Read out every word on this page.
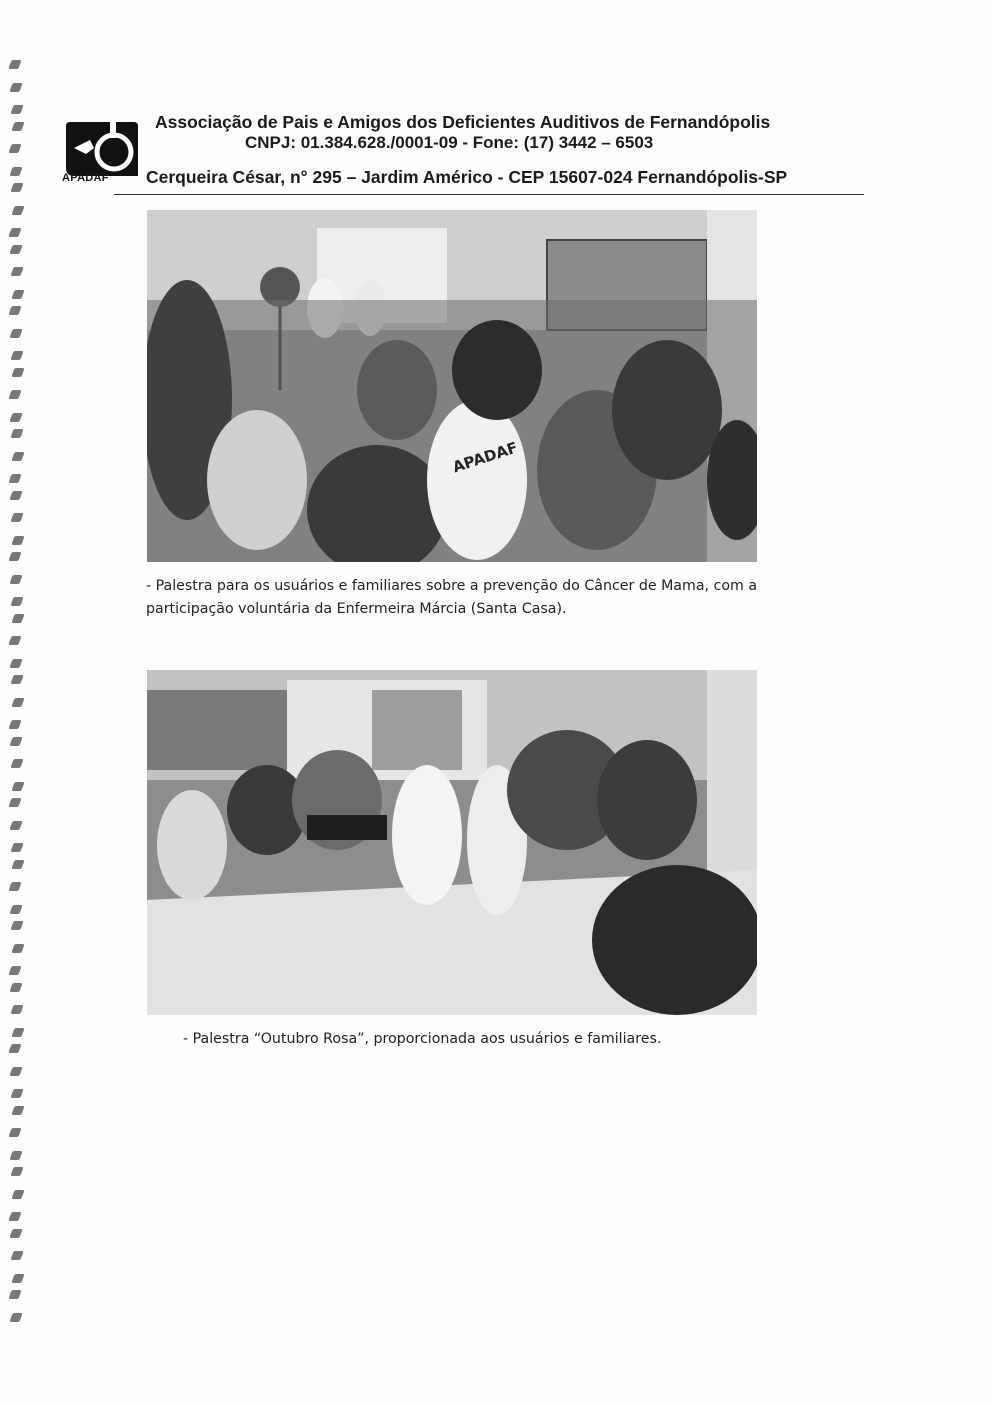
APADAF
Associação de Pais e Amigos dos Deficientes Auditivos de Fernandópolis
CNPJ: 01.384.628./0001-09 - Fone: (17) 3442 – 6503
Cerqueira César, n° 295 – Jardim Américo - CEP 15607-024 Fernandópolis-SP
APADAF
- Palestra para os usuários e familiares sobre a prevenção do Câncer de Mama, com a participação voluntária da Enfermeira Márcia (Santa Casa).
- Palestra “Outubro Rosa”, proporcionada aos usuários e familiares.
